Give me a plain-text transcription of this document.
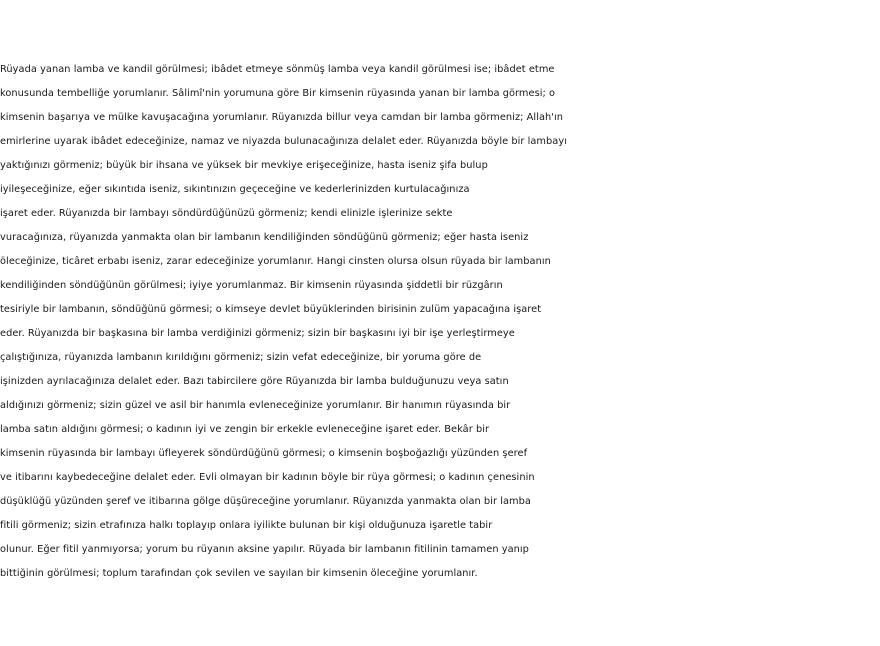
Rüyada yanan lamba ve kandil görülmesi; ibâdet etmeye sönmüş lamba veya kandil görülmesi ise; ibâdet etme

konusunda tembelliğe yorumlanır. Sâlimî'nin yorumuna göre Bir kimsenin rüyasında yanan bir lamba görmesi; o

kimsenin başarıya ve mülke kavuşacağına yorumlanır. Rüyanızda billur veya camdan bir lamba görmeniz; Allah'ın

emirlerine uyarak ibâdet edeceğinize, namaz ve niyazda bulunacağınıza delalet eder. Rüyanızda böyle bir lambayı

yaktığınızı görmeniz; büyük bir ihsana ve yüksek bir mevkiye erişeceğinize, hasta iseniz şifa bulup

iyileşeceğinize, eğer sıkıntıda iseniz, sıkıntınızın geçeceğine ve kederlerinizden kurtulacağınıza

işaret eder. Rüyanızda bir lambayı söndürdüğünüzü görmeniz; kendi elinizle işlerinize sekte

vuracağınıza, rüyanızda yanmakta olan bir lambanın kendiliğinden söndüğünü görmeniz; eğer hasta iseniz

öleceğinize, ticâret erbabı iseniz, zarar edeceğinize yorumlanır. Hangi cinsten olursa olsun rüyada bir lambanın

kendiliğinden söndüğünün görülmesi; iyiye yorumlanmaz. Bir kimsenin rüyasında şiddetli bir rüzgârın

tesiriyle bir lambanın, söndüğünü görmesi; o kimseye devlet büyüklerinden birisinin zulüm yapacağına işaret

eder. Rüyanızda bir başkasına bir lamba verdiğinizi görmeniz; sizin bir başkasını iyi bir işe yerleştirmeye

çalıştığınıza, rüyanızda lambanın kırıldığını görmeniz; sizin vefat edeceğinize, bir yoruma göre de

işinizden ayrılacağınıza delalet eder. Bazı tabircilere göre Rüyanızda bir lamba bulduğunuzu veya satın

aldığınızı görmeniz; sizin güzel ve asil bir hanımla evleneceğinize yorumlanır. Bir hanımın rüyasında bir

lamba satın aldığını görmesi; o kadının iyi ve zengin bir erkekle evleneceğine işaret eder. Bekâr bir

kimsenin rüyasında bir lambayı üfleyerek söndürdüğünü görmesi; o kimsenin boşboğazlığı yüzünden şeref

ve itibarını kaybedeceğine delalet eder. Evli olmayan bir kadının böyle bir rüya görmesi; o kadının çenesinin

düşüklüğü yüzünden şeref ve itibarına gölge düşüreceğine yorumlanır. Rüyanızda yanmakta olan bir lamba

fitili görmeniz; sizin etrafınıza halkı toplayıp onlara iyilikte bulunan bir kişi olduğunuza işaretle tabir

olunur. Eğer fitil yanmıyorsa; yorum bu rüyanın aksine yapılır. Rüyada bir lambanın fitilinin tamamen yanıp

bittiğinin görülmesi; toplum tarafından çok sevilen ve sayılan bir kimsenin öleceğine yorumlanır.
